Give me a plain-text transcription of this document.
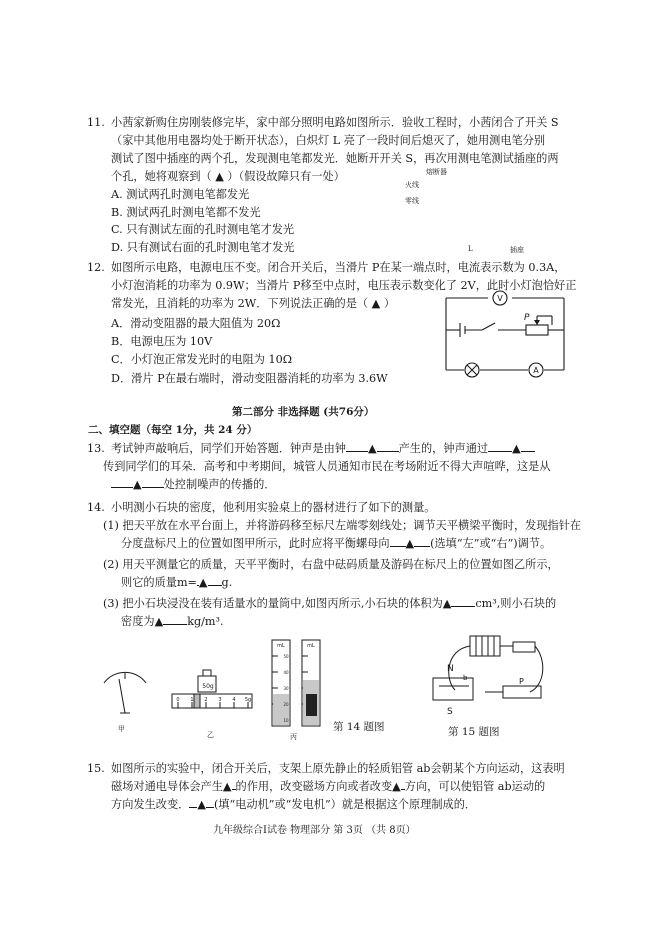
11. 小茜家新购住房刚装修完毕，家中部分照明电路如图所示．验收工程时，小茜闭合了开关 S
（家中其他用电器均处于断开状态），白炽灯 L 亮了一段时间后熄灭了，她用测电笔分别
测试了图中插座的两个孔，发现测电笔都发光．她断开开关 S，再次用测电笔测试插座的两
个孔，她将观察到（ ▲ ）（假设故障只有一处）
A. 测试两孔时测电笔都发光
B. 测试两孔时测电笔都不发光
C. 只有测试左面的孔时测电笔才发光
D. 只有测试右面的孔时测电笔才发光
熔断器
火线
零线
L	插座
12. 如图所示电路，电源电压不变。闭合开关后，当滑片 P在某一端点时，电流表示数为 0.3A，
小灯泡消耗的功率为 0.9W；当滑片 P移至中点时，电压表示数变化了 2V，此时小灯泡恰好正
常发光，且消耗的功率为 2W．下列说法正确的是（ ▲ ）
A．滑动变阻器的最大阻值为 20Ω
B．电源电压为 10V
C．小灯泡正常发光时的电阻为 10Ω
D．滑片 P在最右端时，滑动变阻器消耗的功率为 3.6W
V
A
P
第二部分 非选择题 (共76分）
二、填空题（每空 1分，共 24 分）
13. 考试钟声敲响后，同学们开始答题．钟声是由钟 ▲ 产生的，钟声通过 ▲
传到同学们的耳朵．高考和中考期间，城管人员通知市民在考场附近不得大声喧哗，这是从
▲ 处控制噪声的传播的．
14. 小明测小石块的密度，他利用实验桌上的器材进行了如下的测量。
(1) 把天平放在水平台面上，并将游码移至标尺左端零刻线处；调节天平横梁平衡时，发现指针在
分度盘标尺上的位置如图甲所示，此时应将平衡螺母向 ▲ (选填“左”或“右”)调节。
(2) 用天平测量它的质量，天平平衡时，右盘中砝码质量及游码在标尺上的位置如图乙所示，
则它的质量m= ▲ g.
(3) 把小石块浸没在装有适量水的量筒中,如图丙所示,小石块的体积为▲ cm³,则小石块的
密度为▲ kg/m³.
甲
50g
0 1 2 3 4 5g
乙
mL	mL
50
40
30
20
10
丙
第 14 题图
N
S
b	P
第 15 题图
15. 如图所示的实验中，闭合开关后，支架上原先静止的轻质铝管 ab会朝某个方向运动，这表明
磁场对通电导体会产生▲ 的作用，改变磁场方向或者改变▲ 方向，可以使铝管 ab运动的
方向发生改变． ▲ (填“电动机”或“发电机”）就是根据这个原理制成的．
九年级综合Ⅰ试卷 物理部分 第 3页 （共 8页）
